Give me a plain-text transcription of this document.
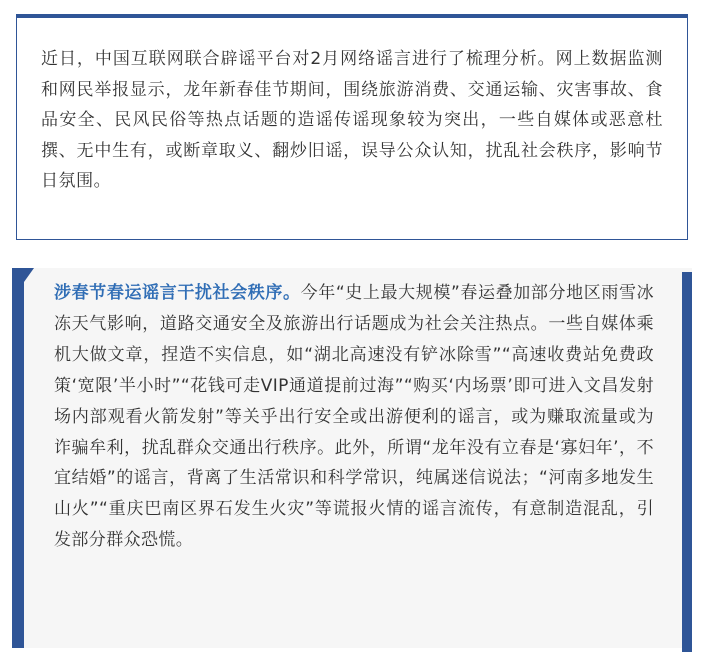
近日，中国互联网联合辟谣平台对2月网络谣言进行了梳理分析。网上数据监测和网民举报显示，龙年新春佳节期间，围绕旅游消费、交通运输、灾害事故、食品安全、民风民俗等热点话题的造谣传谣现象较为突出，一些自媒体或恶意杜撰、无中生有，或断章取义、翻炒旧谣，误导公众认知，扰乱社会秩序，影响节日氛围。

涉春节春运谣言干扰社会秩序。今年“史上最大规模”春运叠加部分地区雨雪冰冻天气影响，道路交通安全及旅游出行话题成为社会关注热点。一些自媒体乘机大做文章，捏造不实信息，如“湖北高速没有铲冰除雪”“高速收费站免费政策‘宽限’半小时”“花钱可走VIP通道提前过海”“购买‘内场票’即可进入文昌发射场内部观看火箭发射”等关乎出行安全或出游便利的谣言，或为赚取流量或为诈骗牟利，扰乱群众交通出行秩序。此外，所谓“龙年没有立春是‘寡妇年’，不宜结婚”的谣言，背离了生活常识和科学常识，纯属迷信说法；“河南多地发生山火”“重庆巴南区界石发生火灾”等谎报火情的谣言流传，有意制造混乱，引发部分群众恐慌。
